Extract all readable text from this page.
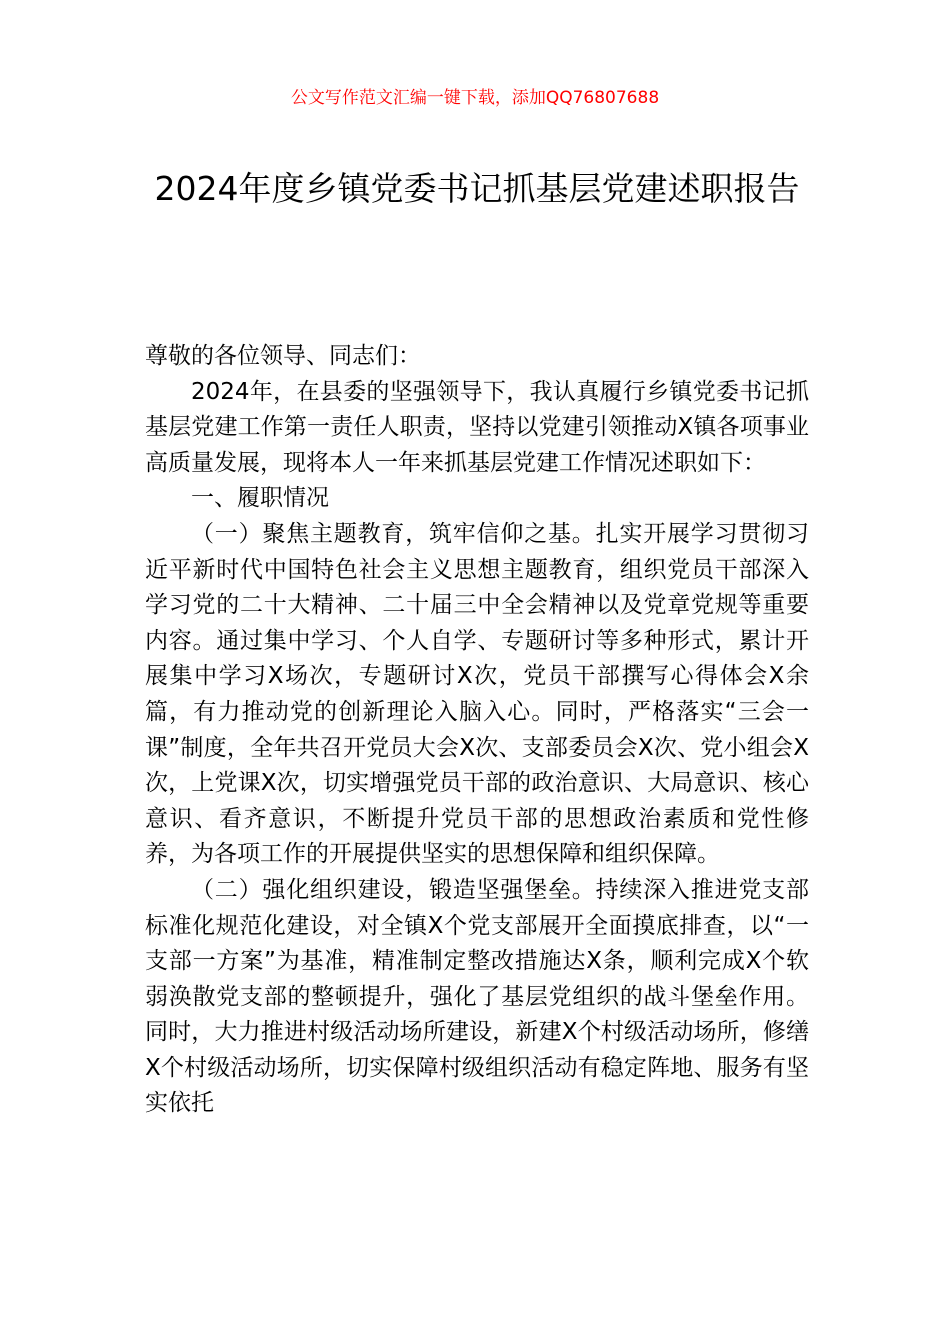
公文写作范文汇编一键下载，添加QQ76807688
2024年度乡镇党委书记抓基层党建述职报告

尊敬的各位领导、同志们：

2024年，在县委的坚强领导下，我认真履行乡镇党委书记抓基层党建工作第一责任人职责，坚持以党建引领推动X镇各项事业高质量发展，现将本人一年来抓基层党建工作情况述职如下：

一、履职情况

（一）聚焦主题教育，筑牢信仰之基。扎实开展学习贯彻习近平新时代中国特色社会主义思想主题教育，组织党员干部深入学习党的二十大精神、二十届三中全会精神以及党章党规等重要内容。通过集中学习、个人自学、专题研讨等多种形式，累计开展集中学习X场次，专题研讨X次，党员干部撰写心得体会X余篇，有力推动党的创新理论入脑入心。同时，严格落实“三会一课”制度，全年共召开党员大会X次、支部委员会X次、党小组会X次，上党课X次，切实增强党员干部的政治意识、大局意识、核心意识、看齐意识，不断提升党员干部的思想政治素质和党性修养，为各项工作的开展提供坚实的思想保障和组织保障。

（二）强化组织建设，锻造坚强堡垒。持续深入推进党支部标准化规范化建设，对全镇X个党支部展开全面摸底排查，以“一支部一方案”为基准，精准制定整改措施达X条，顺利完成X个软弱涣散党支部的整顿提升，强化了基层党组织的战斗堡垒作用。同时，大力推进村级活动场所建设，新建X个村级活动场所，修缮X个村级活动场所，切实保障村级组织活动有稳定阵地、服务有坚实依托
